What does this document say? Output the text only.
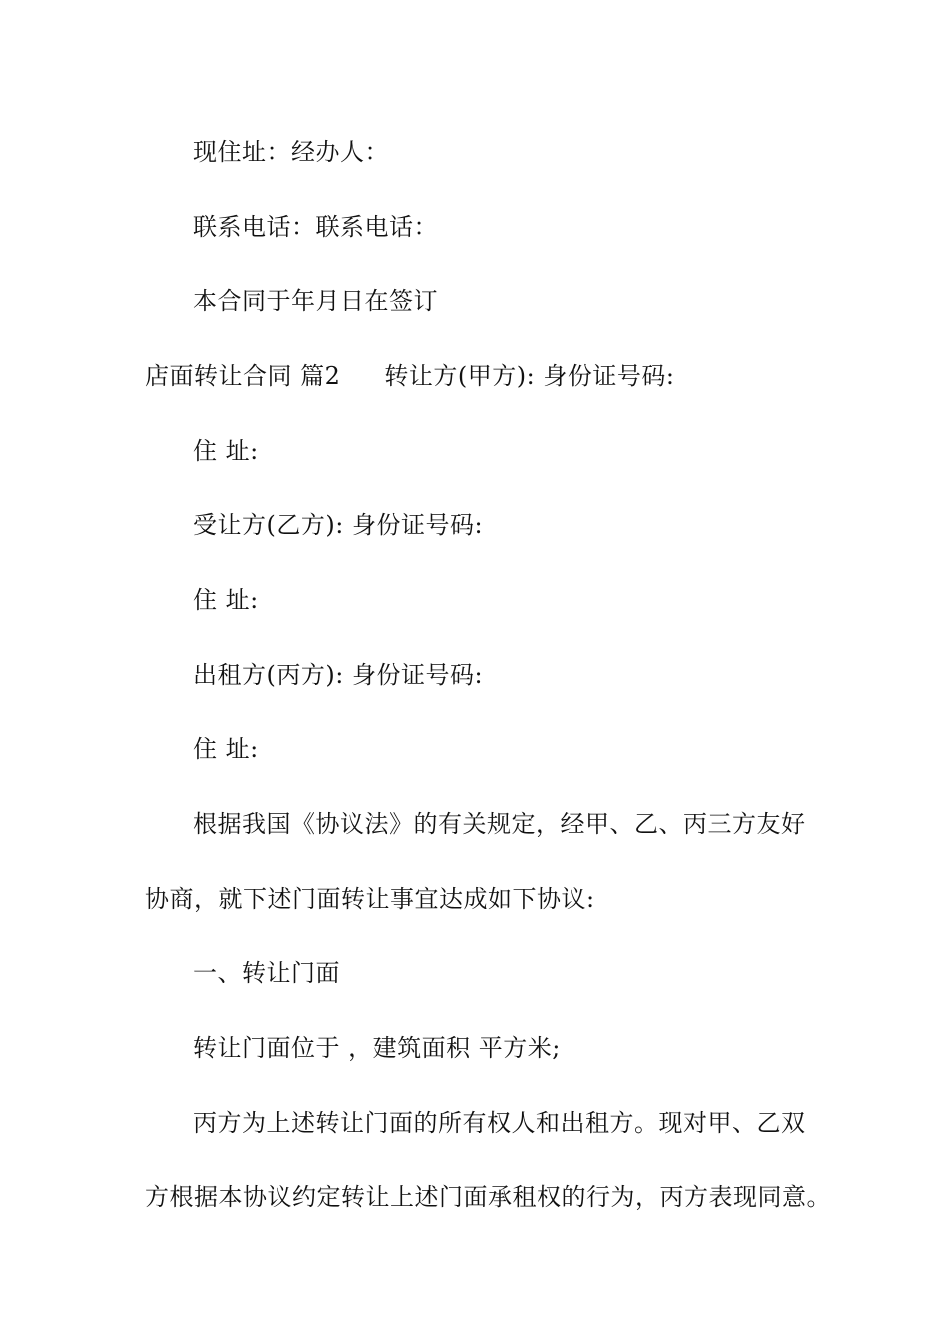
现住址：经办人：
联系电话：联系电话：
本合同于年月日在签订
店面转让合同 篇2 转让方(甲方): 身份证号码:
住 址:
受让方(乙方): 身份证号码:
住 址:
出租方(丙方): 身份证号码:
住 址:
根据我国《协议法》的有关规定，经甲、乙、丙三方友好
协商，就下述门面转让事宜达成如下协议:
一、转让门面
转让门面位于 ，建筑面积 平方米;
丙方为上述转让门面的所有权人和出租方。现对甲、乙双
方根据本协议约定转让上述门面承租权的行为，丙方表现同意。
